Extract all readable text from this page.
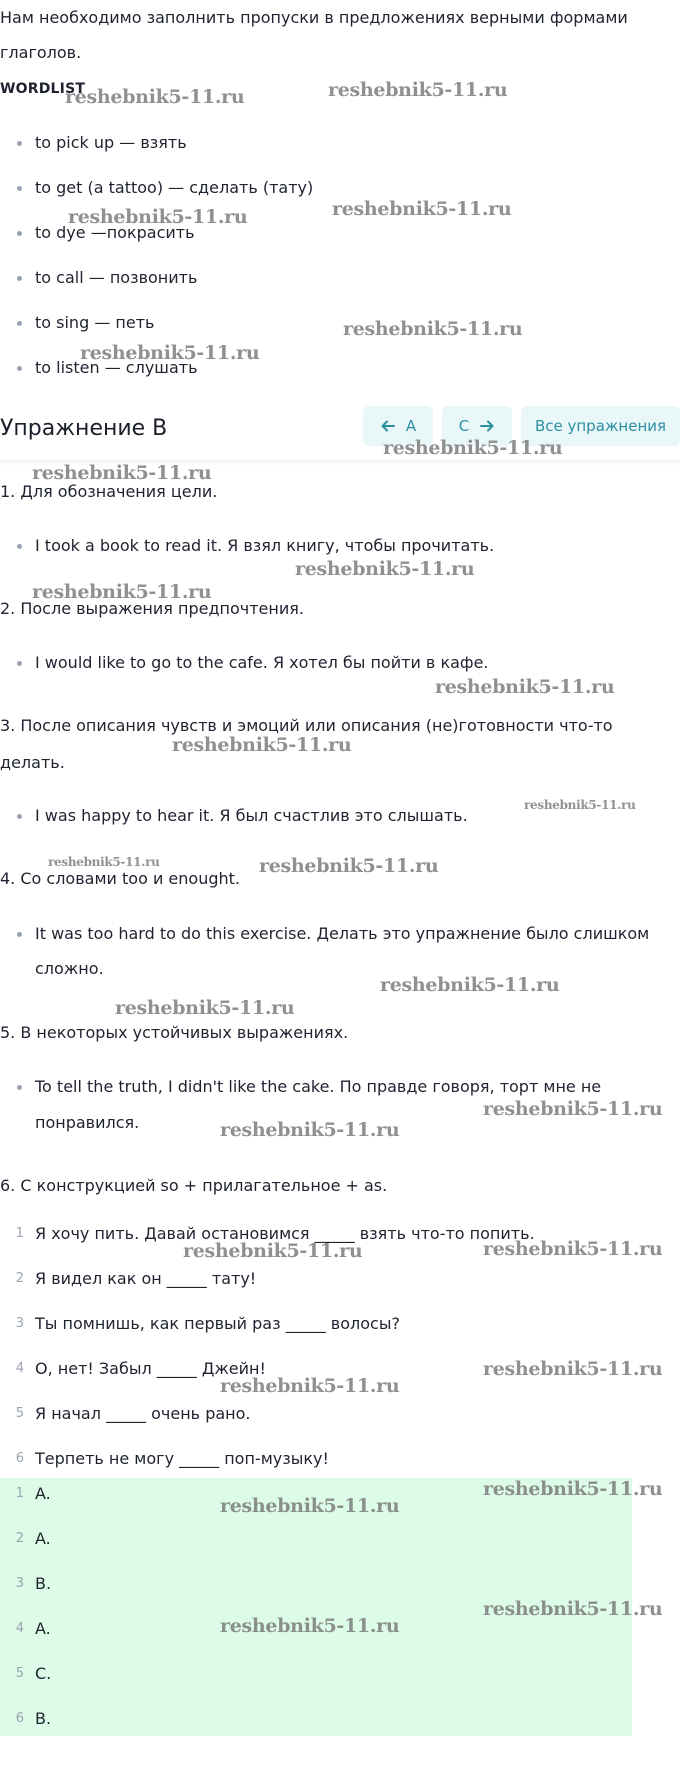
Нам необходимо заполнить пропуски в предложениях верными формами
глаголов.
WORDLIST
to pick up — взять
to get (a tattoo) — сделать (тату)
to dye —покрасить
to call — позвонить
to sing — петь
to listen — слушать
Упражнение B	A	C	Все упражнения
1. Для обозначения цели.
I took a book to read it. Я взял книгу, чтобы прочитать.
2. После выражения предпочтения.
I would like to go to the cafe. Я хотел бы пойти в кафе.
3. После описания чувств и эмоций или описания (не)готовности что-то
делать.
I was happy to hear it. Я был счастлив это слышать.
4. Со словами too и enought.
It was too hard to do this exercise. Делать это упражнение было слишком
сложно.
5. В некоторых устойчивых выражениях.
To tell the truth, I didn't like the cake. По правде говоря, торт мне не
понравился.
6. С конструкцией so + прилагательное + as.
1 Я хочу пить. Давай остановимся _____ взять что-то попить.
2 Я видел как он _____ тату!
3 Ты помнишь, как первый раз _____ волосы?
4 О, нет! Забыл _____ Джейн!
5 Я начал _____ очень рано.
6 Терпеть не могу _____ поп-музыку!
1 A.
2 A.
3 B.
4 A.
5 C.
6 B.
reshebnik5-11.ru	reshebnik5-11.ru
reshebnik5-11.ru	reshebnik5-11.ru
reshebnik5-11.ru
reshebnik5-11.ru
reshebnik5-11.ru
reshebnik5-11.ru
reshebnik5-11.ru
reshebnik5-11.ru
reshebnik5-11.ru
reshebnik5-11.ru
reshebnik5-11.ru
reshebnik5-11.ru	reshebnik5-11.ru
reshebnik5-11.ru
reshebnik5-11.ru
reshebnik5-11.ru
reshebnik5-11.ru
reshebnik5-11.ru	reshebnik5-11.ru
reshebnik5-11.ru
reshebnik5-11.ru
reshebnik5-11.ru
reshebnik5-11.ru
reshebnik5-11.ru
reshebnik5-11.ru
